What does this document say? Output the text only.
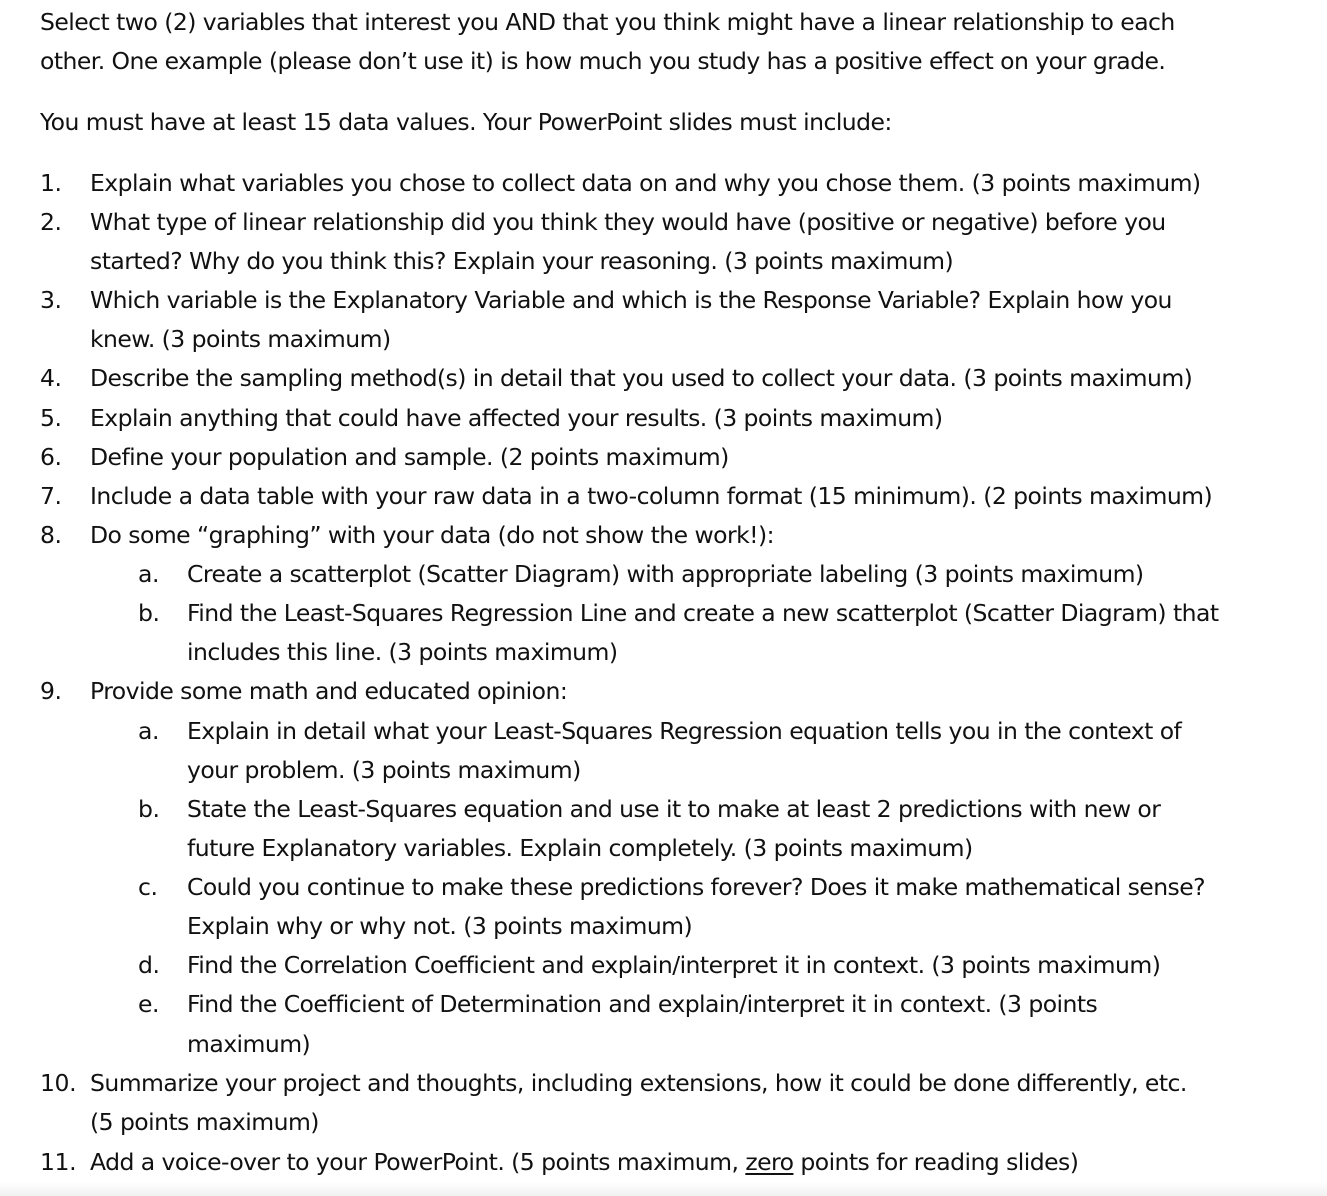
Select two (2) variables that interest you AND that you think might have a linear relationship to each
other. One example (please don’t use it) is how much you study has a positive effect on your grade.
You must have at least 15 data values. Your PowerPoint slides must include:
1. Explain what variables you chose to collect data on and why you chose them. (3 points maximum)
2. What type of linear relationship did you think they would have (positive or negative) before you
started? Why do you think this? Explain your reasoning. (3 points maximum)
3. Which variable is the Explanatory Variable and which is the Response Variable? Explain how you
knew. (3 points maximum)
4. Describe the sampling method(s) in detail that you used to collect your data. (3 points maximum)
5. Explain anything that could have affected your results. (3 points maximum)
6. Define your population and sample. (2 points maximum)
7. Include a data table with your raw data in a two-column format (15 minimum). (2 points maximum)
8. Do some “graphing” with your data (do not show the work!):
a. Create a scatterplot (Scatter Diagram) with appropriate labeling (3 points maximum)
b. Find the Least-Squares Regression Line and create a new scatterplot (Scatter Diagram) that
includes this line. (3 points maximum)
9. Provide some math and educated opinion:
a. Explain in detail what your Least-Squares Regression equation tells you in the context of
your problem. (3 points maximum)
b. State the Least-Squares equation and use it to make at least 2 predictions with new or
future Explanatory variables. Explain completely. (3 points maximum)
c. Could you continue to make these predictions forever? Does it make mathematical sense?
Explain why or why not. (3 points maximum)
d. Find the Correlation Coefficient and explain/interpret it in context. (3 points maximum)
e. Find the Coefficient of Determination and explain/interpret it in context. (3 points
maximum)
10. Summarize your project and thoughts, including extensions, how it could be done differently, etc.
(5 points maximum)
11. Add a voice-over to your PowerPoint. (5 points maximum, zero points for reading slides)
